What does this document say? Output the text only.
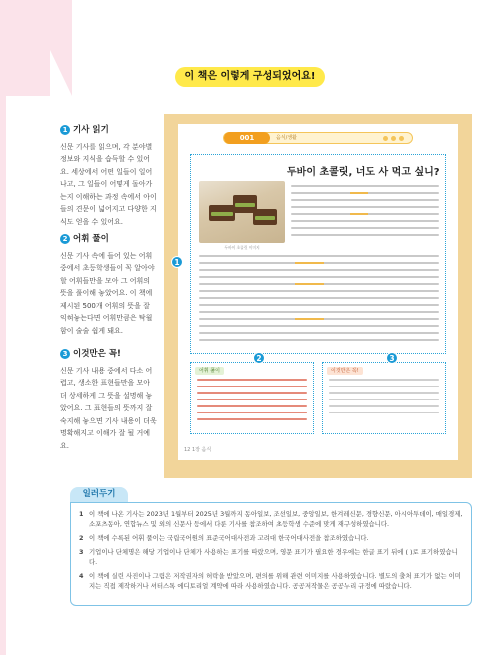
이 책은 이렇게 구성되었어요!
1 기사 읽기
신문 기사를 읽으며, 각 분야별 정보와 지식을 습득할 수 있어요. 세상에서 어떤 일들이 일어나고, 그 일들이 어떻게 돌아가는지 이해하는 과정 속에서 아이들의 견문이 넓어지고 다양한 지식도 얻을 수 있어요.
2 어휘 풀이
신문 기사 속에 들어 있는 어휘 중에서 초등학생들이 꼭 알아야 할 어휘들만을 모아 그 어휘의 뜻을 풀이해 놓았어요. 이 책에 제시된 500개 어휘의 뜻을 잘 익혀놓는다면 어휘만큼은 탁월함이 술술 쉽게 돼요.
3 이것만은 꼭!
신문 기사 내용 중에서 다소 어렵고, 생소한 표현들만을 모아 더 상세하게 그 뜻을 설명해 놓았어요. 그 표현들의 뜻까지 잘 숙지해 놓으면 기사 내용이 더욱 명확해지고 이해가 잘 될 거예요.
001	음식/생활
두바이 초콜릿, 너도 사 먹고 싶니?
두바이 초콜릿 이미지
어휘 풀이	이것만은 꼭!
12 1장 음식
1
2	3
일러두기
1 이 책에 나온 기사는 2023년 1월부터 2025년 3월까지 동아일보, 조선일보, 중앙일보, 한겨레신문, 경향신문, 아시아투데이, 매일경제, 소포츠동아, 연합뉴스 및 외의 신문사 등에서 다룬 기사를 참조하여 초등학생 수준에 맞게 재구성하였습니다.
2 이 책에 수록된 어휘 풀이는 국립국어원의 표준국어대사전과 고려대 한국어대사전을 참조하였습니다.
3 기업이나 단체명은 해당 기업이나 단체가 사용하는 표기를 따랐으며, 영문 표기가 필요한 경우에는 한글 표기 뒤에 ( )로 표기하였습니다.
4 이 책에 실린 사진이나 그림은 저작권자의 허락을 받았으며, 편의를 위해 관련 이미지를 사용하였습니다. 별도의 출처 표기가 없는 이미지는 직접 제작하거나 셔터스톡 에디토리얼 계약에 따라 사용하였습니다. 공공저작물은 공공누리 규정에 따랐습니다.
